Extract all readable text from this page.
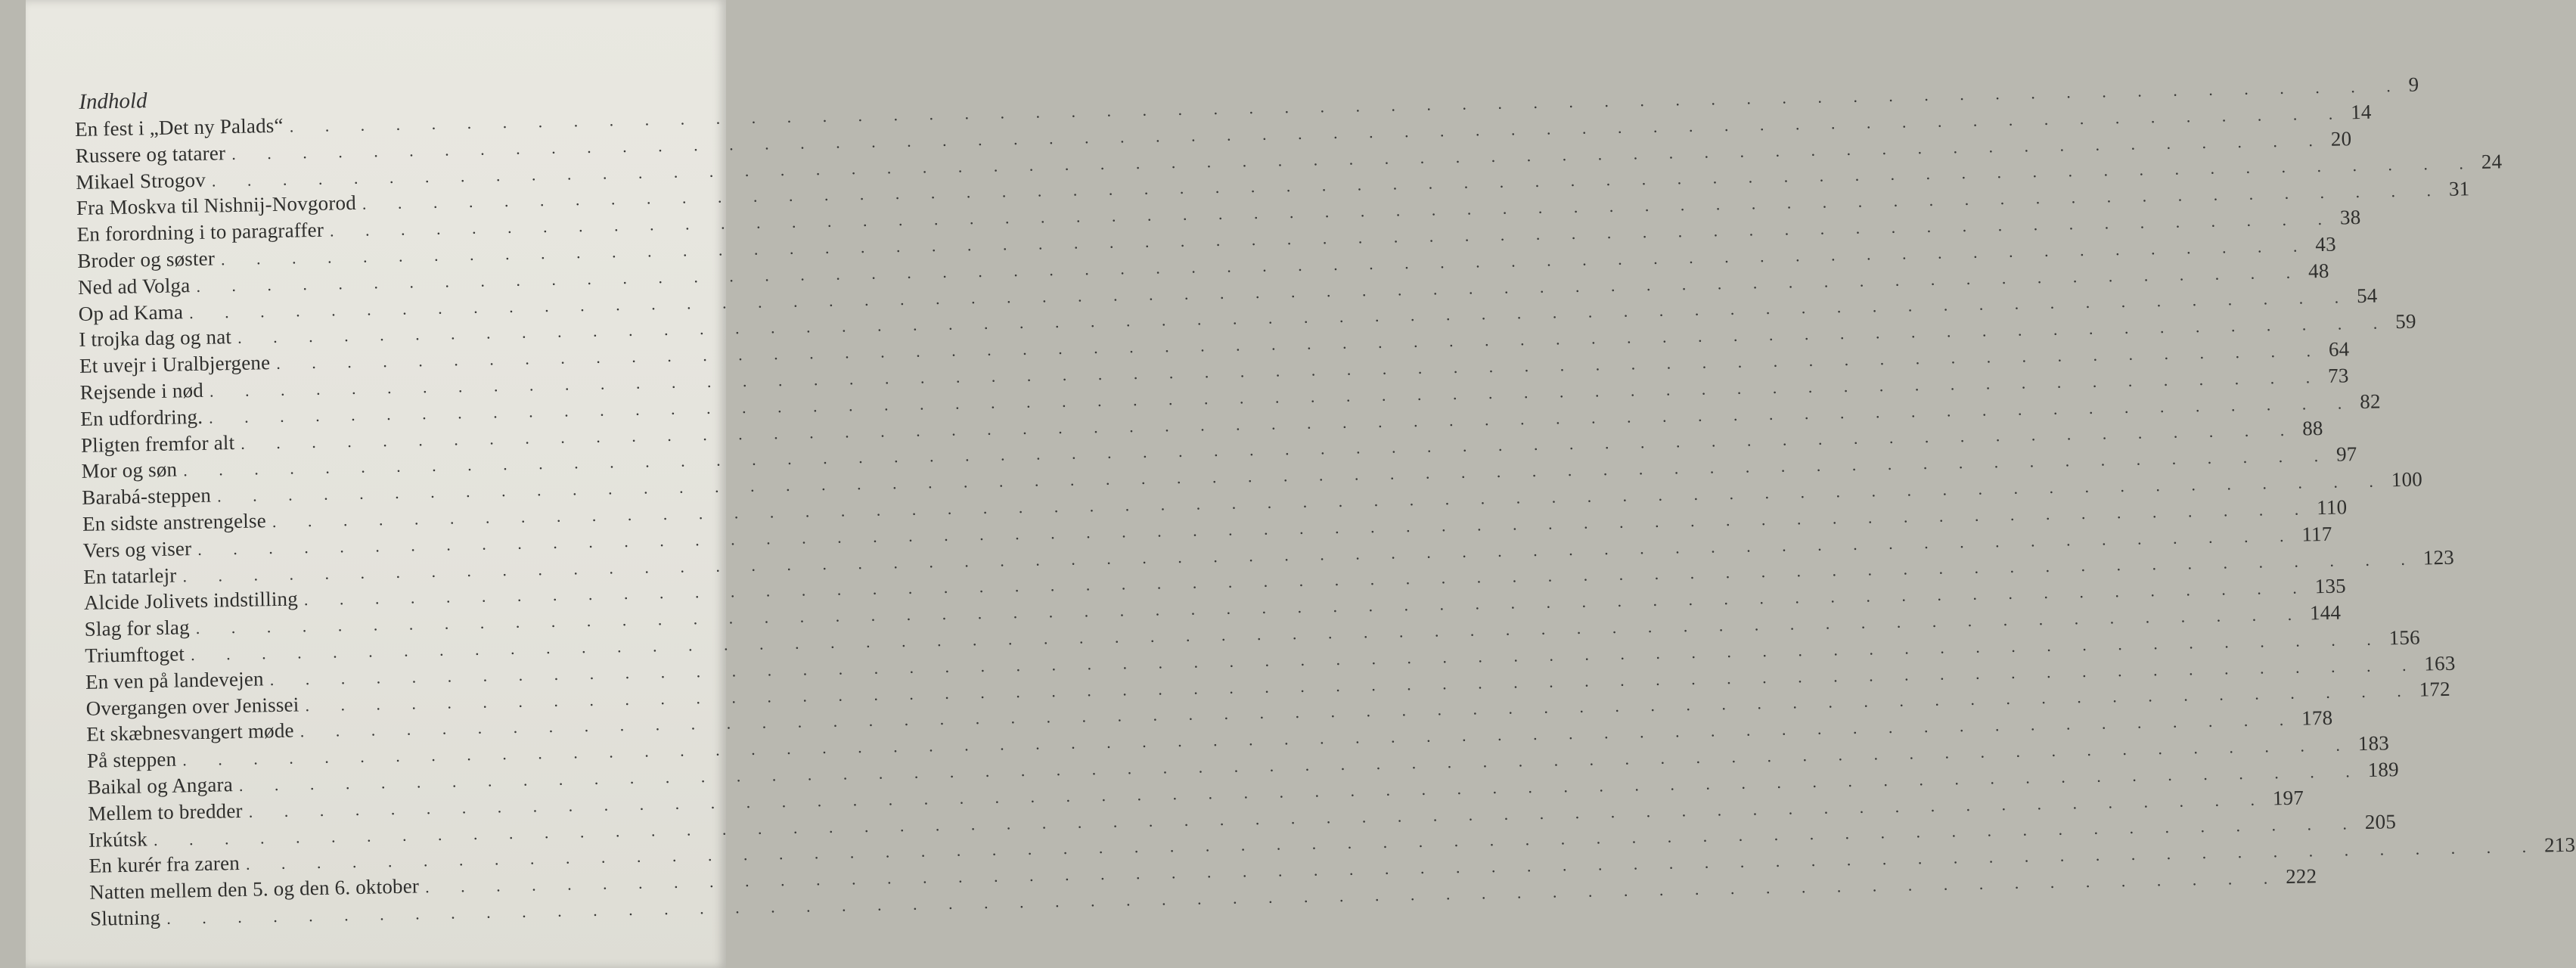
Indhold
En fest i „Det ny Palads“
. . .
9
Russere og tatarer
. . .
14
Mikael Strogov
. . .
20
Fra Moskva til Nishnij-Novgorod
. . .
24
En forordning i to paragraffer
. . .
31
Broder og søster
. . .
38
Ned ad Volga
. . .
43
Op ad Kama
. . .
48
I trojka dag og nat
. . .
54
Et uvejr i Uralbjergene
. . .
59
Rejsende i nød
. . .
64
En udfordring.
. . .
73
Pligten fremfor alt
. . .
82
Mor og søn
. . .
88
Barabá-steppen
. . .
97
En sidste anstrengelse
. . .
100
Vers og viser
. . .
110
En tatarlejr
. . .
117
Alcide Jolivets indstilling
. . .
123
Slag for slag
. . .
135
Triumftoget
. . .
144
En ven på landevejen
. . .
156
Overgangen over Jenissei
. . .
163
Et skæbnesvangert møde
. . .
172
På steppen
. . .
178
Baikal og Angara
. . .
183
Mellem to bredder
. . .
189
Irkútsk
. . .
197
En kurér fra zaren
. . .
205
Natten mellem den 5. og den 6. oktober
. . .
213
Slutning
. . .
222
